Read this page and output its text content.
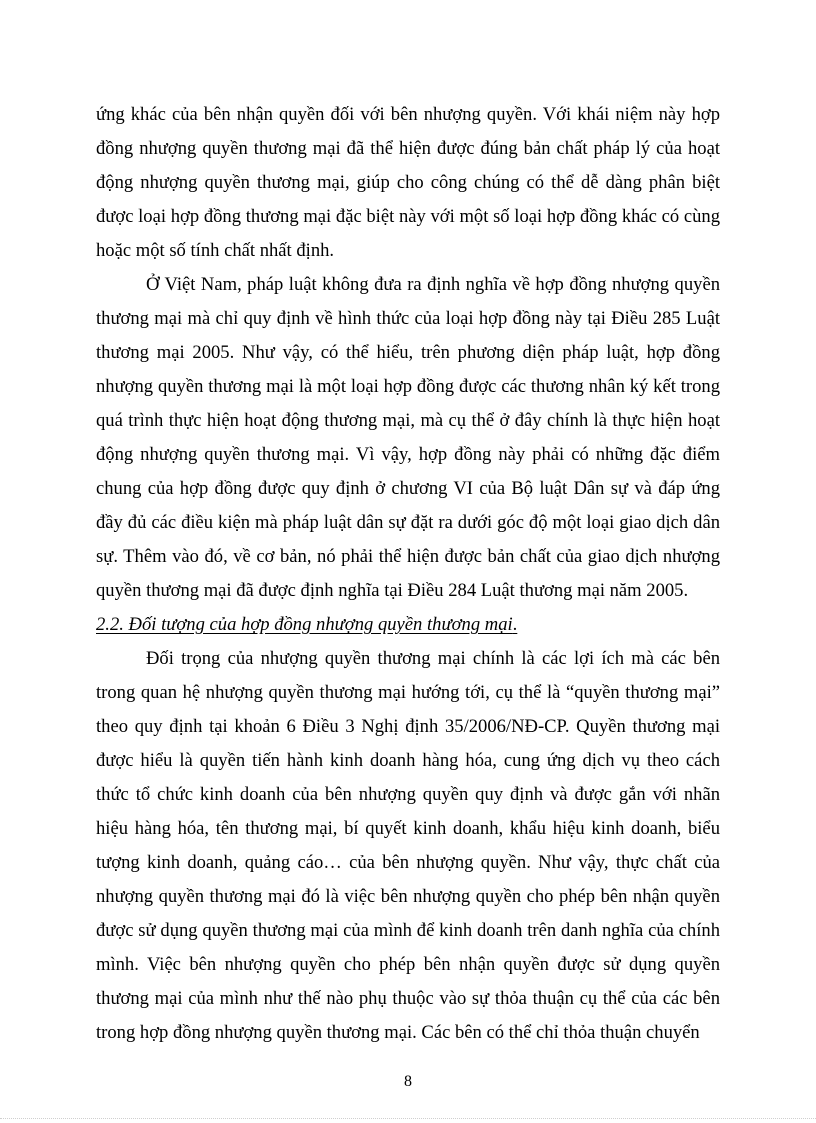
ứng khác của bên nhận quyền đối với bên nhượng quyền. Với khái niệm này hợp đồng nhượng quyền thương mại đã thể hiện được đúng bản chất pháp lý của hoạt động nhượng quyền thương mại, giúp cho công chúng có thể dễ dàng phân biệt được loại hợp đồng thương mại đặc biệt này với một số loại hợp đồng khác có cùng hoặc một số tính chất nhất định.

Ở Việt Nam, pháp luật không đưa ra định nghĩa về hợp đồng nhượng quyền thương mại mà chỉ quy định về hình thức của loại hợp đồng này tại Điều 285 Luật thương mại 2005. Như vậy, có thể hiểu, trên phương diện pháp luật, hợp đồng nhượng quyền thương mại là một loại hợp đồng được các thương nhân ký kết trong quá trình thực hiện hoạt động thương mại, mà cụ thể ở đây chính là thực hiện hoạt động nhượng quyền thương mại. Vì vậy, hợp đồng này phải có những đặc điểm chung của hợp đồng được quy định ở chương VI của Bộ luật Dân sự và đáp ứng đầy đủ các điều kiện mà pháp luật dân sự đặt ra dưới góc độ một loại giao dịch dân sự. Thêm vào đó, về cơ bản, nó phải thể hiện được bản chất của giao dịch nhượng quyền thương mại đã được định nghĩa tại Điều 284 Luật thương mại năm 2005.

2.2. Đối tượng của hợp đồng nhượng quyền thương mại.

Đối trọng của nhượng quyền thương mại chính là các lợi ích mà các bên trong quan hệ nhượng quyền thương mại hướng tới, cụ thể là “quyền thương mại” theo quy định tại khoản 6 Điều 3 Nghị định 35/2006/NĐ-CP. Quyền thương mại được hiểu là quyền tiến hành kinh doanh hàng hóa, cung ứng dịch vụ theo cách thức tổ chức kinh doanh của bên nhượng quyền quy định và được gắn với nhãn hiệu hàng hóa, tên thương mại, bí quyết kinh doanh, khẩu hiệu kinh doanh, biểu tượng kinh doanh, quảng cáo… của bên nhượng quyền. Như vậy, thực chất của nhượng quyền thương mại đó là việc bên nhượng quyền cho phép bên nhận quyền được sử dụng quyền thương mại của mình để kinh doanh trên danh nghĩa của chính mình. Việc bên nhượng quyền cho phép bên nhận quyền được sử dụng quyền thương mại của mình như thế nào phụ thuộc vào sự thỏa thuận cụ thể của các bên trong hợp đồng nhượng quyền thương mại. Các bên có thể chỉ thỏa thuận chuyển

8
